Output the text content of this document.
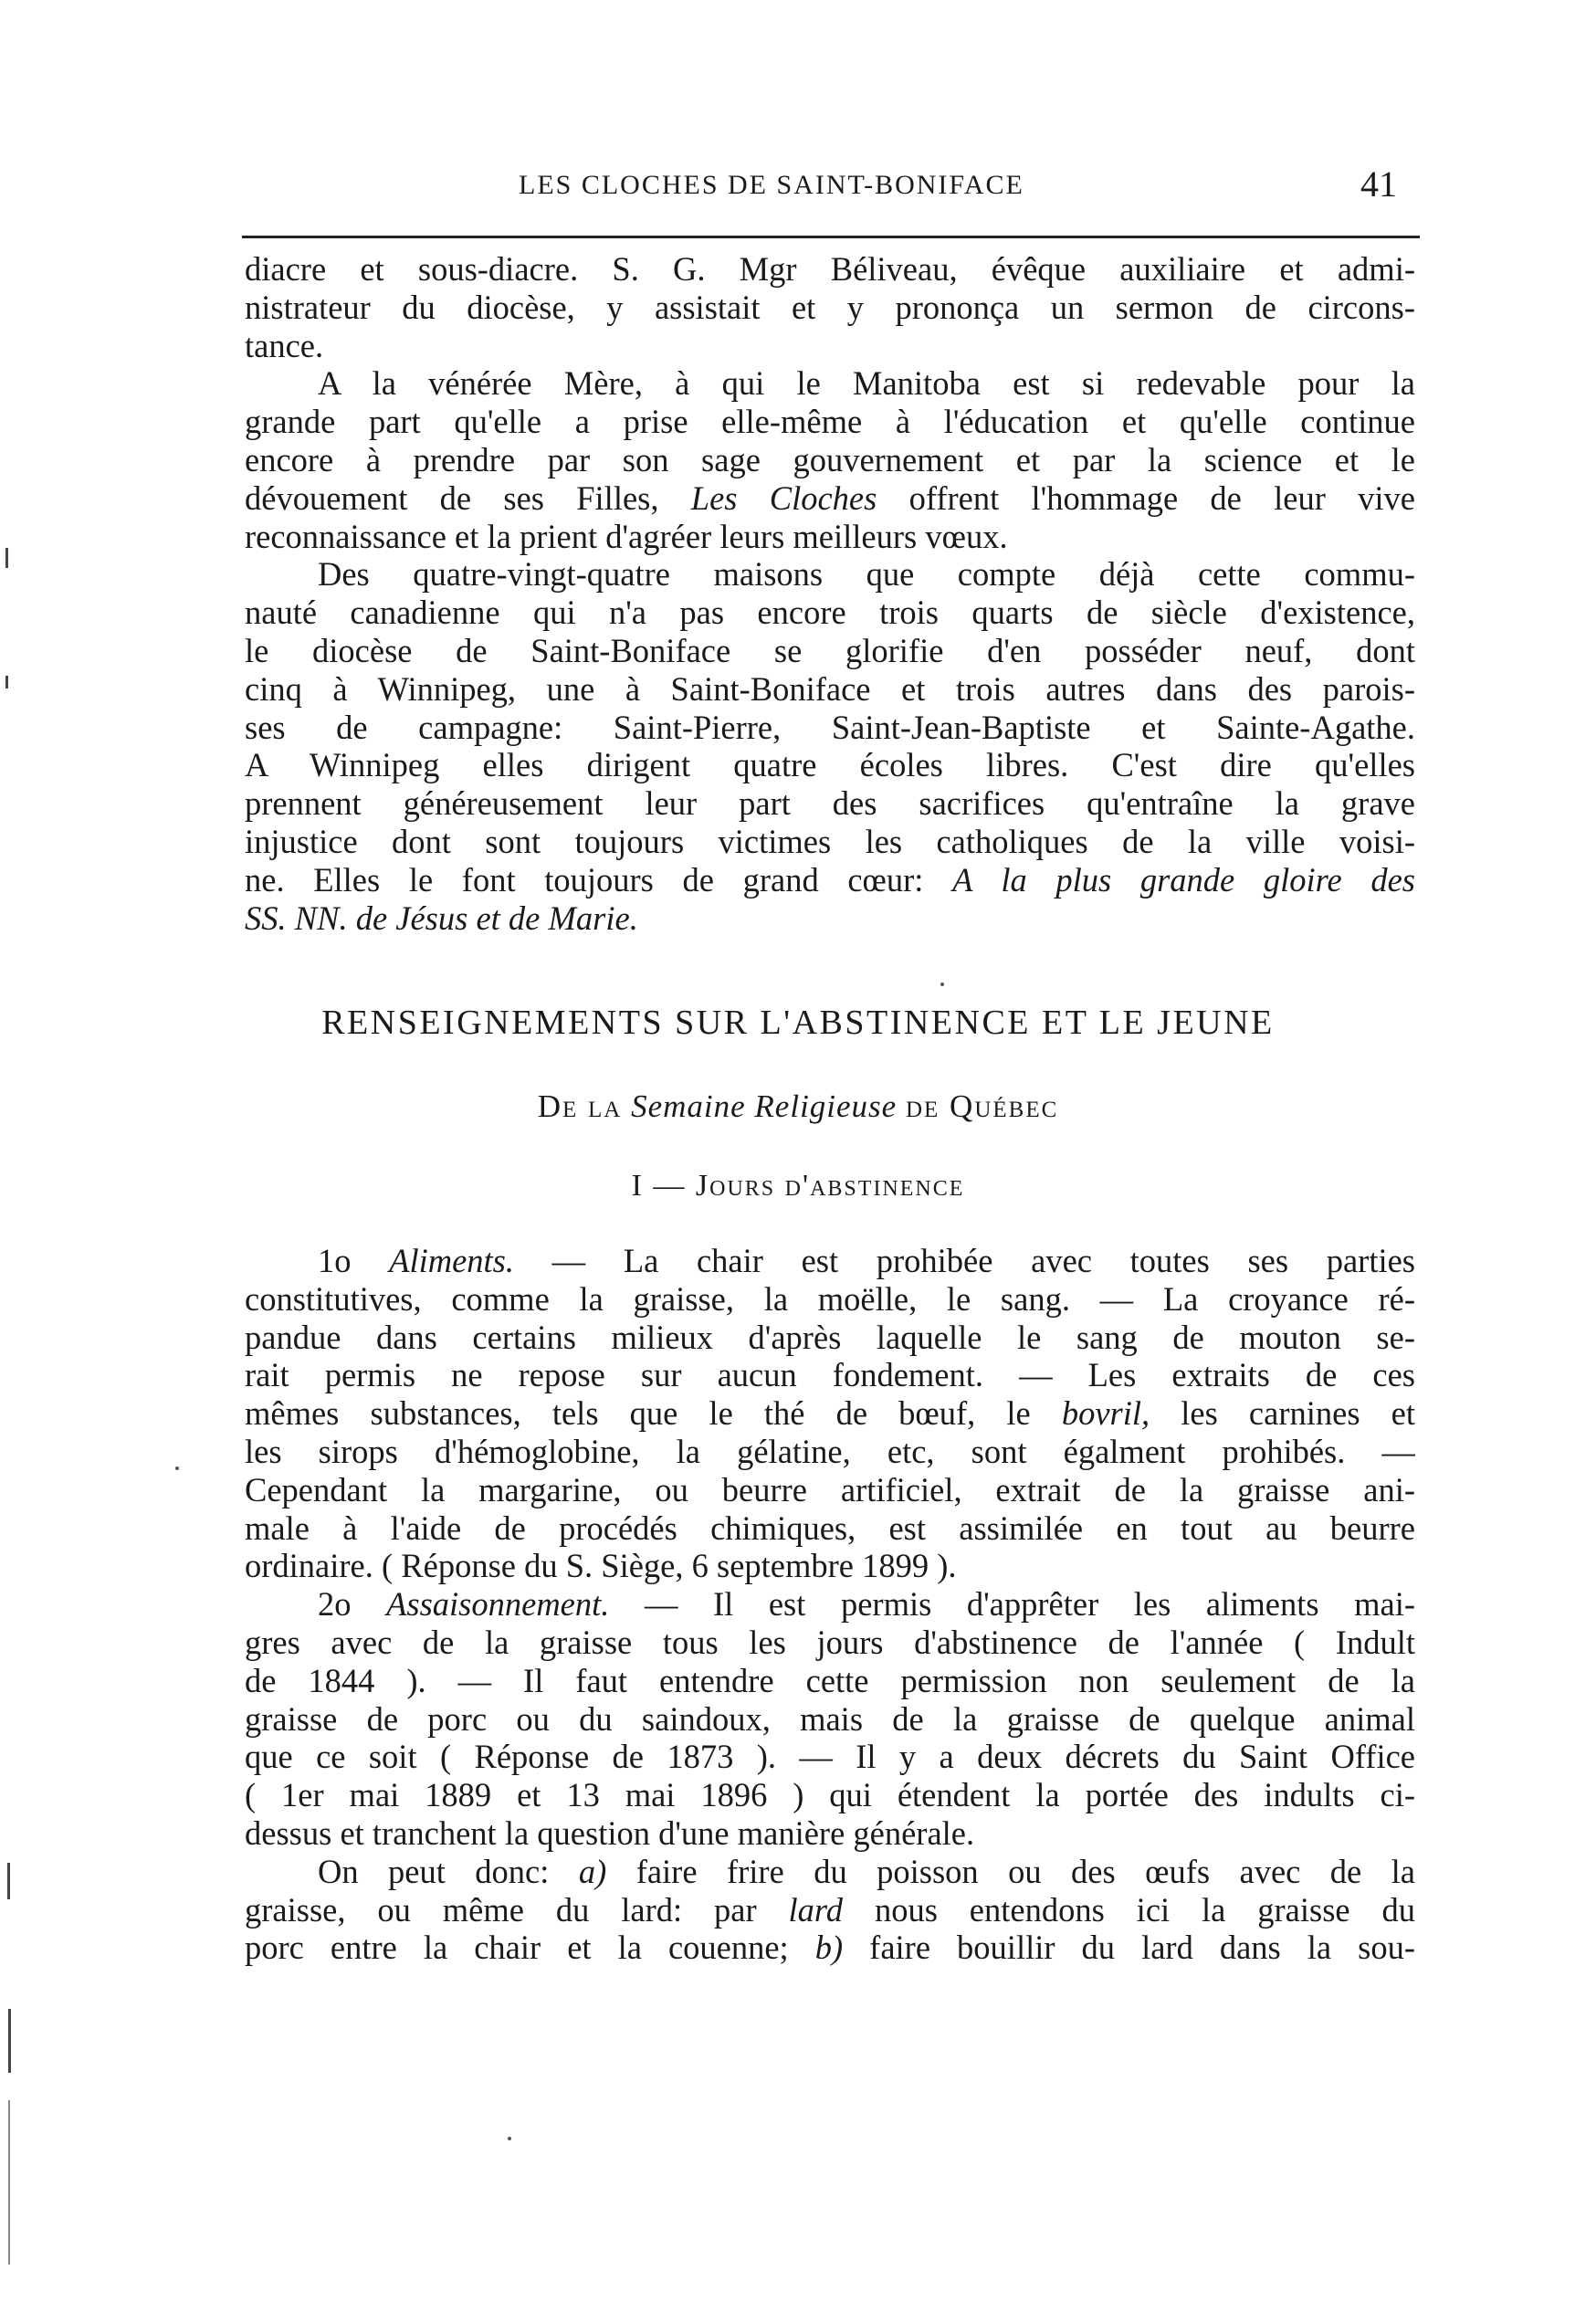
LES CLOCHES DE SAINT-BONIFACE	41
diacre et sous-diacre. S. G. Mgr Béliveau, évêque auxiliaire et admi-
nistrateur du diocèse, y assistait et y prononça un sermon de circons-
tance.
A la vénérée Mère, à qui le Manitoba est si redevable pour la
grande part qu'elle a prise elle-même à l'éducation et qu'elle continue
encore à prendre par son sage gouvernement et par la science et le
dévouement de ses Filles, Les Cloches offrent l'hommage de leur vive
reconnaissance et la prient d'agréer leurs meilleurs vœux.
Des quatre-vingt-quatre maisons que compte déjà cette commu-
nauté canadienne qui n'a pas encore trois quarts de siècle d'existence,
le diocèse de Saint-Boniface se glorifie d'en posséder neuf, dont
cinq à Winnipeg, une à Saint-Boniface et trois autres dans des parois-
ses de campagne: Saint-Pierre, Saint-Jean-Baptiste et Sainte-Agathe.
A Winnipeg elles dirigent quatre écoles libres. C'est dire qu'elles
prennent généreusement leur part des sacrifices qu'entraîne la grave
injustice dont sont toujours victimes les catholiques de la ville voisi-
ne. Elles le font toujours de grand cœur: A la plus grande gloire des
SS. NN. de Jésus et de Marie.
RENSEIGNEMENTS SUR L'ABSTINENCE ET LE JEUNE
De la Semaine Religieuse de Québec
I — Jours d'abstinence
1o Aliments. — La chair est prohibée avec toutes ses parties
constitutives, comme la graisse, la moëlle, le sang. — La croyance ré-
pandue dans certains milieux d'après laquelle le sang de mouton se-
rait permis ne repose sur aucun fondement. — Les extraits de ces
mêmes substances, tels que le thé de bœuf, le bovril, les carnines et
les sirops d'hémoglobine, la gélatine, etc, sont égalment prohibés. —
Cependant la margarine, ou beurre artificiel, extrait de la graisse ani-
male à l'aide de procédés chimiques, est assimilée en tout au beurre
ordinaire. ( Réponse du S. Siège, 6 septembre 1899 ).
2o Assaisonnement. — Il est permis d'apprêter les aliments mai-
gres avec de la graisse tous les jours d'abstinence de l'année ( Indult
de 1844 ). — Il faut entendre cette permission non seulement de la
graisse de porc ou du saindoux, mais de la graisse de quelque animal
que ce soit ( Réponse de 1873 ). — Il y a deux décrets du Saint Office
( 1er mai 1889 et 13 mai 1896 ) qui étendent la portée des indults ci-
dessus et tranchent la question d'une manière générale.
On peut donc: a) faire frire du poisson ou des œufs avec de la
graisse, ou même du lard: par lard nous entendons ici la graisse du
porc entre la chair et la couenne; b) faire bouillir du lard dans la sou-
